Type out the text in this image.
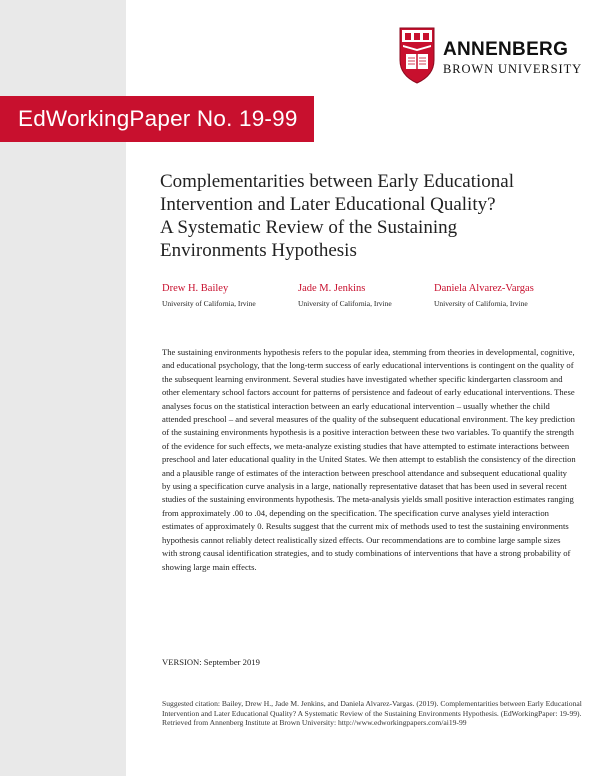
EdWorkingPaper No. 19-99
ANNENBERG
BROWN UNIVERSITY
Complementarities between Early Educational
Intervention and Later Educational Quality?
A Systematic Review of the Sustaining
Environments Hypothesis
Drew H. Bailey
University of California, Irvine
Jade M. Jenkins
University of California, Irvine
Daniela Alvarez-Vargas
University of California, Irvine

The sustaining environments hypothesis refers to the popular idea, stemming from theories in developmental, cognitive, and educational psychology, that the long-term success of early educational interventions is contingent on the quality of the subsequent learning environment. Several studies have investigated whether specific kindergarten classroom and other elementary school factors account for patterns of persistence and fadeout of early educational interventions. These analyses focus on the statistical interaction between an early educational intervention – usually whether the child attended preschool – and several measures of the quality of the subsequent educational environment. The key prediction of the sustaining environments hypothesis is a positive interaction between these two variables. To quantify the strength of the evidence for such effects, we meta-analyze existing studies that have attempted to estimate interactions between preschool and later educational quality in the United States. We then attempt to establish the consistency of the direction and a plausible range of estimates of the interaction between preschool attendance and subsequent educational quality by using a specification curve analysis in a large, nationally representative dataset that has been used in several recent studies of the sustaining environments hypothesis. The meta-analysis yields small positive interaction estimates ranging from approximately .00 to .04, depending on the specification. The specification curve analyses yield interaction estimates of approximately 0. Results suggest that the current mix of methods used to test the sustaining environments hypothesis cannot reliably detect realistically sized effects. Our recommendations are to combine large sample sizes with strong causal identification strategies, and to study combinations of interventions that have a strong probability of showing large main effects.

VERSION: September 2019

Suggested citation: Bailey, Drew H., Jade M. Jenkins, and Daniela Alvarez-Vargas. (2019). Complementarities between Early Educational Intervention and Later Educational Quality? A Systematic Review of the Sustaining Environments Hypothesis. (EdWorkingPaper: 19-99). Retrieved from Annenberg Institute at Brown University: http://www.edworkingpapers.com/ai19-99
